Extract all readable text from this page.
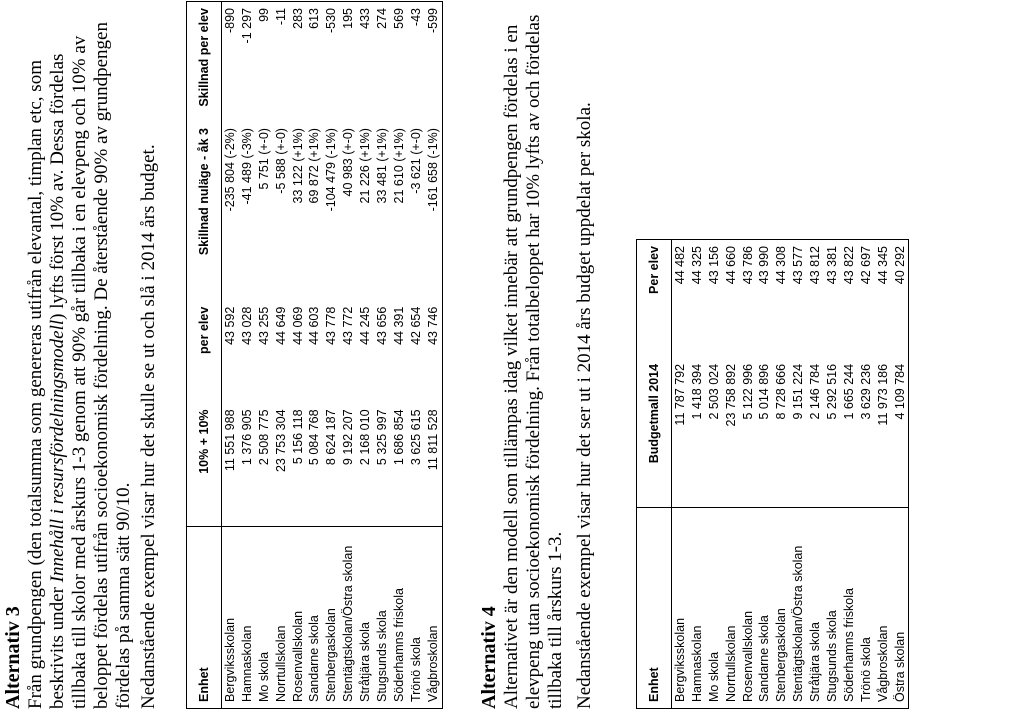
Alternativ 3 Från grundpengen (den totalsumma som genereras utifrån elevantal, timplan etc, som beskrivits under Innehåll i resursfördelningsmodell) lyfts först 10% av. Dessa fördelas tillbaka till skolor med årskurs 1-3 genom att 90% går tillbaka i en elevpeng och 10% av beloppet fördelas utifrån socioekonomisk fördelning. De återstående 90% av grundpengen fördelas på samma sätt 90/10. Nedanstående exempel visar hur det skulle se ut och slå i 2014 års budget.	Enhet	10% + 10%	per elev	Skillnad nuläge - åk 3	Skillnad per elev
Bergviksskolan	11 551 988	43 592	-235 804 (-2%)	-890
Hamnaskolan	1 376 905	43 028	-41 489 (-3%)	-1 297
Mo skola	2 508 775	43 255	5 751 (+-0)	99
Norrtullskolan	23 753 304	44 649	-5 588 (+-0)	-11
Rosenvallskolan	5 156 118	44 069	33 122 (+1%)	283
Sandarne skola	5 084 768	44 603	69 872 (+1%)	613
Stenbergaskolan	8 624 187	43 778	-104 479 (-1%)	-530
Stentägtskolan/Östra skolan	9 192 207	43 772	40 983 (+-0)	195
Stråtjära skola	2 168 010	44 245	21 226 (+1%)	433
Stugsunds skola	5 325 997	43 656	33 481 (+1%)	274
Söderhamns friskola	1 686 854	44 391	21 610 (+1%)	569
Trönö skola	3 625 615	42 654	-3 621 (+-0)	-43
Vågbroskolan	11 811 528	43 746	-161 658 (-1%)	-599
Alternativ 4 Alternativet är den modell som tillämpas idag vilket innebär att grundpengen fördelas i en elevpeng utan socioekonomisk fördelning. Från totalbeloppet har 10% lyfts av och fördelas tillbaka till årskurs 1-3. Nedanstående exempel visar hur det ser ut i 2014 års budget uppdelat per skola.	Enhet	Budgetmall 2014	Per elev
Bergviksskolan	11 787 792	44 482
Hamnaskolan	1 418 394	44 325
Mo skola	2 503 024	43 156
Norrtullskolan	23 758 892	44 660
Rosenvallskolan	5 122 996	43 786
Sandarne skola	5 014 896	43 990
Stenbergaskolan	8 728 666	44 308
Stentägtskolan/Östra skolan	9 151 224	43 577
Stråtjära skola	2 146 784	43 812
Stugsunds skola	5 292 516	43 381
Söderhamns friskola	1 665 244	43 822
Trönö skola	3 629 236	42 697
Vågbroskolan	11 973 186	44 345
Östra skolan	4 109 784	40 292
